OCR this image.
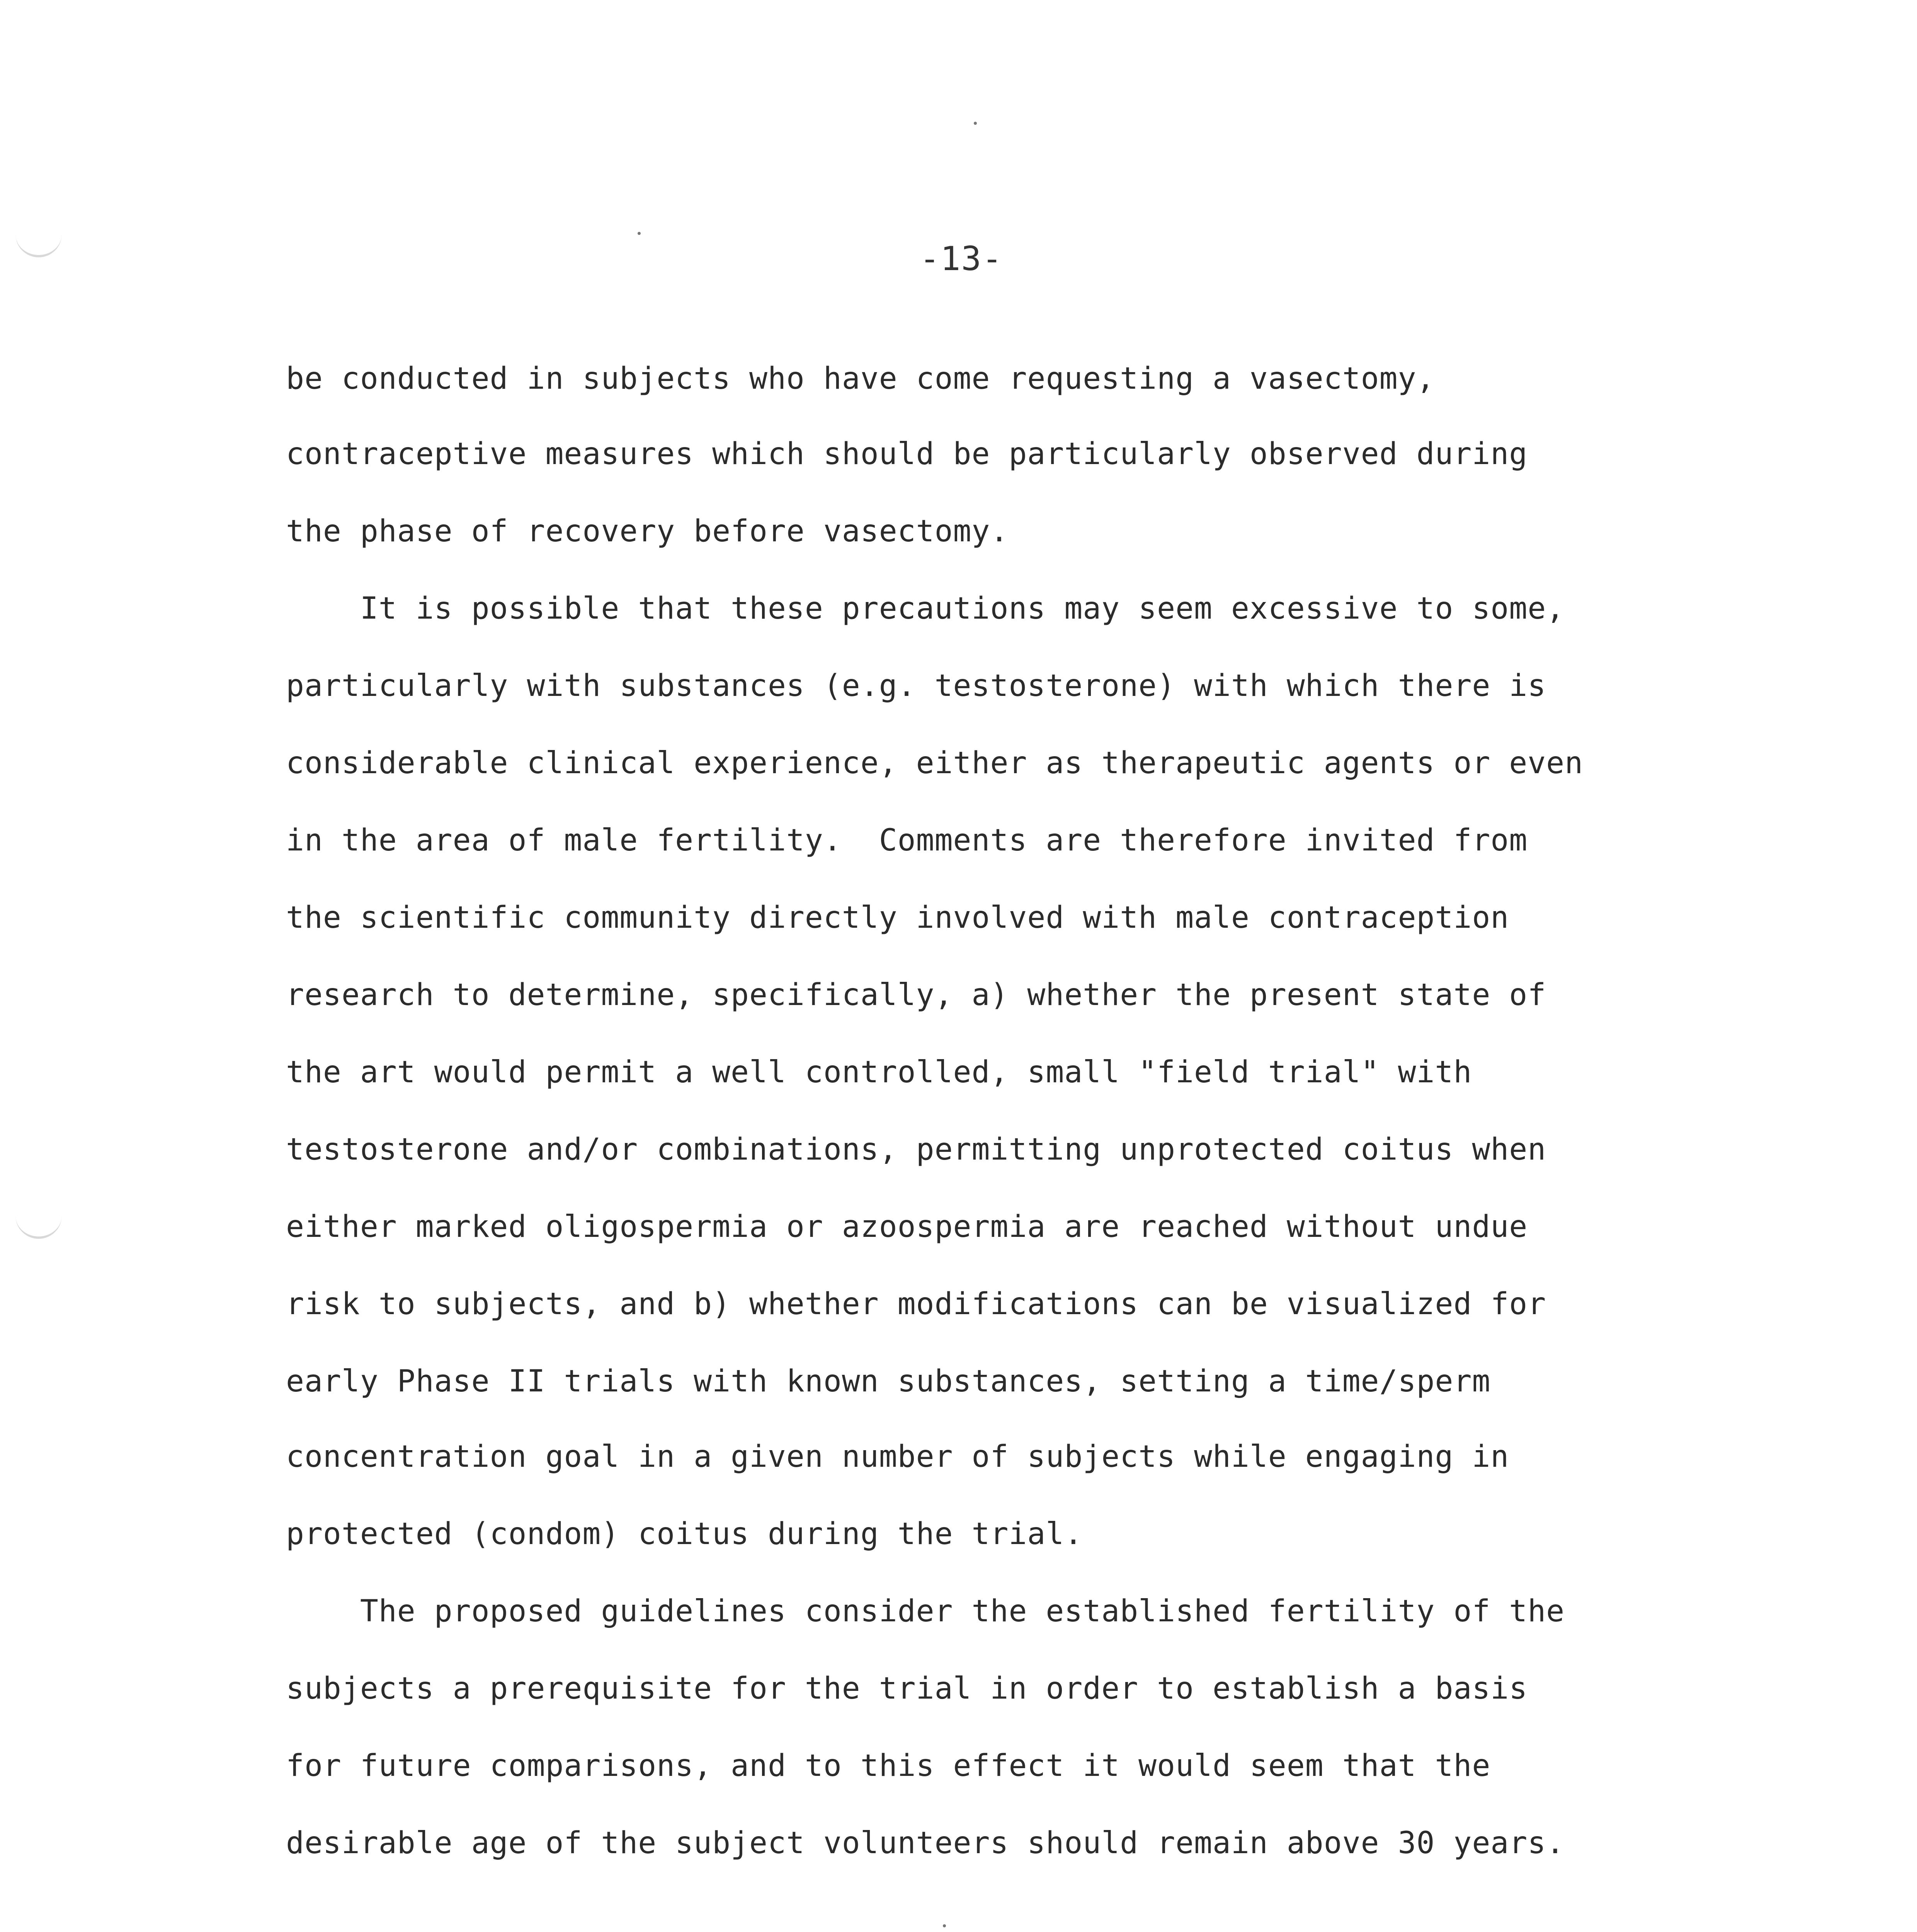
-13-
be conducted in subjects who have come requesting a vasectomy,
contraceptive measures which should be particularly observed during
the phase of recovery before vasectomy.
It is possible that these precautions may seem excessive to some,
particularly with substances (e.g. testosterone) with which there is
considerable clinical experience, either as therapeutic agents or even
in the area of male fertility.  Comments are therefore invited from
the scientific community directly involved with male contraception
research to determine, specifically, a) whether the present state of
the art would permit a well controlled, small "field trial" with
testosterone and/or combinations, permitting unprotected coitus when
either marked oligospermia or azoospermia are reached without undue
risk to subjects, and b) whether modifications can be visualized for
early Phase II trials with known substances, setting a time/sperm
concentration goal in a given number of subjects while engaging in
protected (condom) coitus during the trial.
The proposed guidelines consider the established fertility of the
subjects a prerequisite for the trial in order to establish a basis
for future comparisons, and to this effect it would seem that the
desirable age of the subject volunteers should remain above 30 years.
